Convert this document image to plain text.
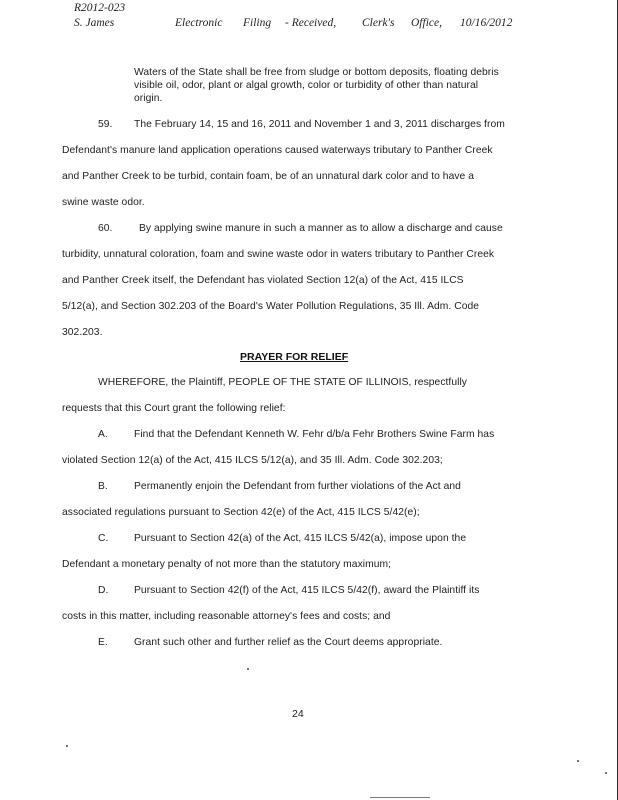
R2012-023
S. James	Electronic Filing - Received, Clerk's Office, 10/16/2012
Waters of the State shall be free from sludge or bottom deposits, floating debris
visible oil, odor, plant or algal growth, color or turbidity of other than natural
origin.
59. The February 14, 15 and 16, 2011 and November 1 and 3, 2011 discharges from
Defendant's manure land application operations caused waterways tributary to Panther Creek
and Panther Creek to be turbid, contain foam, be of an unnatural dark color and to have a
swine waste odor.
60.	By applying swine manure in such a manner as to allow a discharge and cause
turbidity, unnatural coloration, foam and swine waste odor in waters tributary to Panther Creek
and Panther Creek itself, the Defendant has violated Section 12(a) of the Act, 415 ILCS
5/12(a), and Section 302.203 of the Board's Water Pollution Regulations, 35 Ill. Adm. Code
302.203.
PRAYER FOR RELIEF
WHEREFORE, the Plaintiff, PEOPLE OF THE STATE OF ILLINOIS, respectfully
requests that this Court grant the following relief:
A.	Find that the Defendant Kenneth W. Fehr d/b/a Fehr Brothers Swine Farm has
violated Section 12(a) of the Act, 415 ILCS 5/12(a), and 35 Ill. Adm. Code 302.203;
B.	Permanently enjoin the Defendant from further violations of the Act and
associated regulations pursuant to Section 42(e) of the Act, 415 ILCS 5/42(e);
C. Pursuant to Section 42(a) of the Act, 415 ILCS 5/42(a), impose upon the
Defendant a monetary penalty of not more than the statutory maximum;
D. Pursuant to Section 42(f) of the Act, 415 ILCS 5/42(f), award the Plaintiff its
costs in this matter, including reasonable attorney's fees and costs; and
E.	Grant such other and further relief as the Court deems appropriate.
24
